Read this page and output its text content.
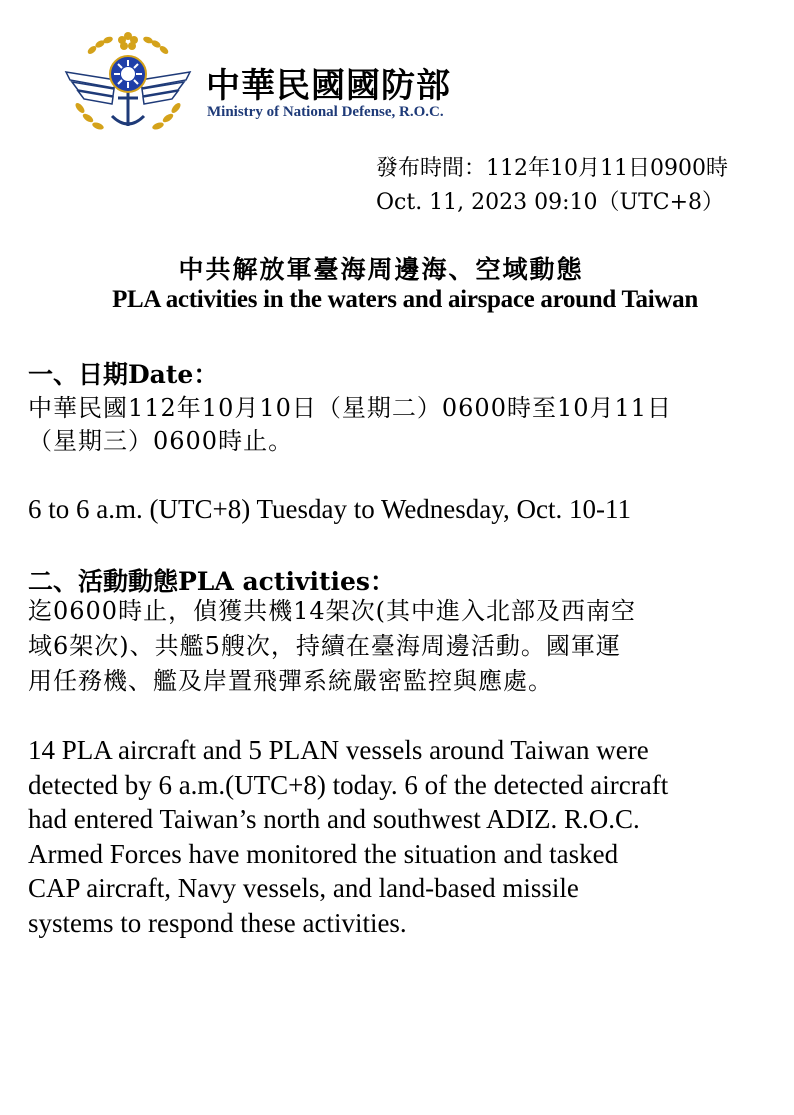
中華民國國防部
Ministry of National Defense, R.O.C.
發布時間：112年10月11日0900時
Oct. 11, 2023 09:10（UTC+8）
中共解放軍臺海周邊海、空域動態
PLA activities in the waters and airspace around Taiwan
一、日期Date：
中華民國112年10月10日（星期二）0600時至10月11日
（星期三）0600時止。
6 to 6 a.m. (UTC+8) Tuesday to Wednesday, Oct. 10-11
二、活動動態PLA activities：
迄0600時止，偵獲共機14架次(其中進入北部及西南空
域6架次)、共艦5艘次，持續在臺海周邊活動。國軍運
用任務機、艦及岸置飛彈系統嚴密監控與應處。
14 PLA aircraft and 5 PLAN vessels around Taiwan were
detected by 6 a.m.(UTC+8) today. 6 of the detected aircraft
had entered Taiwan’s north and southwest ADIZ. R.O.C.
Armed Forces have monitored the situation and tasked
CAP aircraft, Navy vessels, and land-based missile
systems to respond these activities.
